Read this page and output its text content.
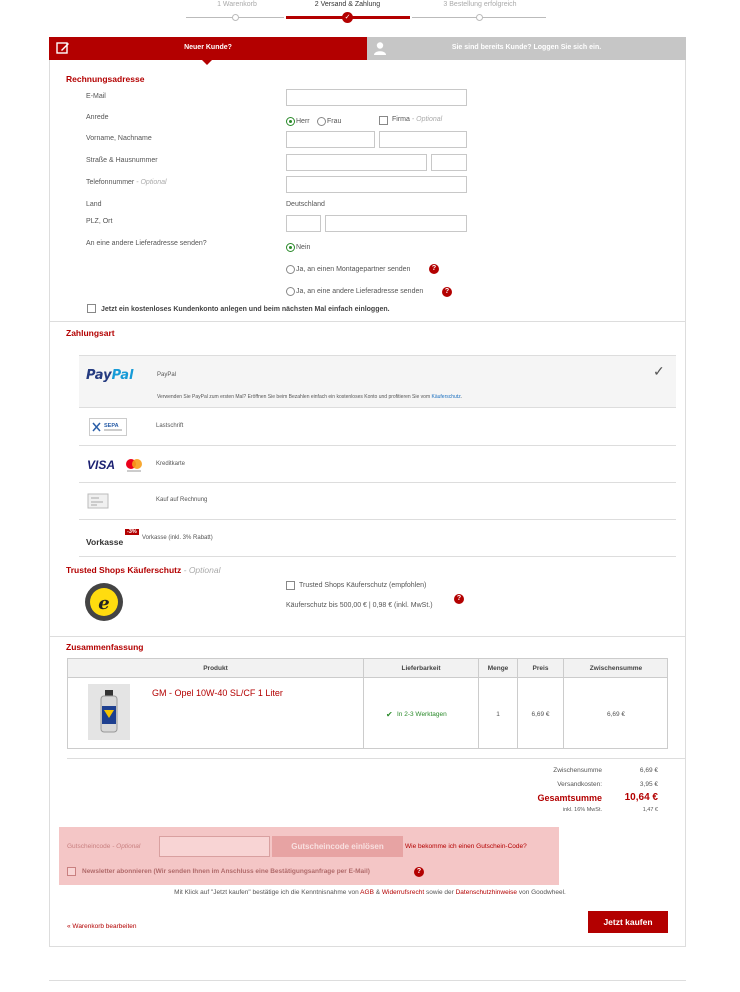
1 Warenkorb	2 Versand & Zahlung	3 Bestellung erfolgreich
✓
Neuer Kunde?	Sie sind bereits Kunde? Loggen Sie sich ein.
Rechnungsadresse
E-Mail
Anrede
Herr Frau	Firma - Optional
Vorname, Nachname
Straße & Hausnummer
Telefonnummer - Optional
Land	Deutschland
PLZ, Ort
An eine andere Lieferadresse senden?
Nein
Ja, an einen Montagepartner senden	?
Ja, an eine andere Lieferadresse senden	?
Jetzt ein kostenloses Kundenkonto anlegen und beim nächsten Mal einfach einloggen.
Zahlungsart
PayPal	PayPal	✓
Verwenden Sie PayPal zum ersten Mal? Eröffnen Sie beim Bezahlen einfach ein kostenloses Konto und profitieren Sie vom Käuferschutz.
SEPA	Lastschrift
VISA	Kreditkarte
Kauf auf Rechnung
Vorkasse
-3%
Vorkasse (inkl. 3% Rabatt)
Trusted Shops Käuferschutz - Optional
e
Trusted Shops Käuferschutz (empfohlen)
Käuferschutz bis 500,00 € | 0,98 € (inkl. MwSt.)
?
Zusammenfassung
Produkt	Lieferbarkeit	Menge	Preis	Zwischensumme
GM - Opel 10W-40 SL/CF 1 Liter
✔ In 2-3 Werktagen	1	6,69 €	6,69 €
Zwischensumme	6,69 €
Versandkosten:	3,95 €
Gesamtsumme	10,64 €
inkl. 16% MwSt.	1,47 €
Gutscheincode - Optional	Gutscheincode einlösen	Wie bekomme ich einen Gutschein-Code?
Newsletter abonnieren (Wir senden Ihnen im Anschluss eine Bestätigungsanfrage per E-Mail)	?
Mit Klick auf "Jetzt kaufen" bestätige ich die Kenntnisnahme von AGB & Widerrufsrecht sowie der Datenschutzhinweise von Goodwheel.
« Warenkorb bearbeiten	Jetzt kaufen
